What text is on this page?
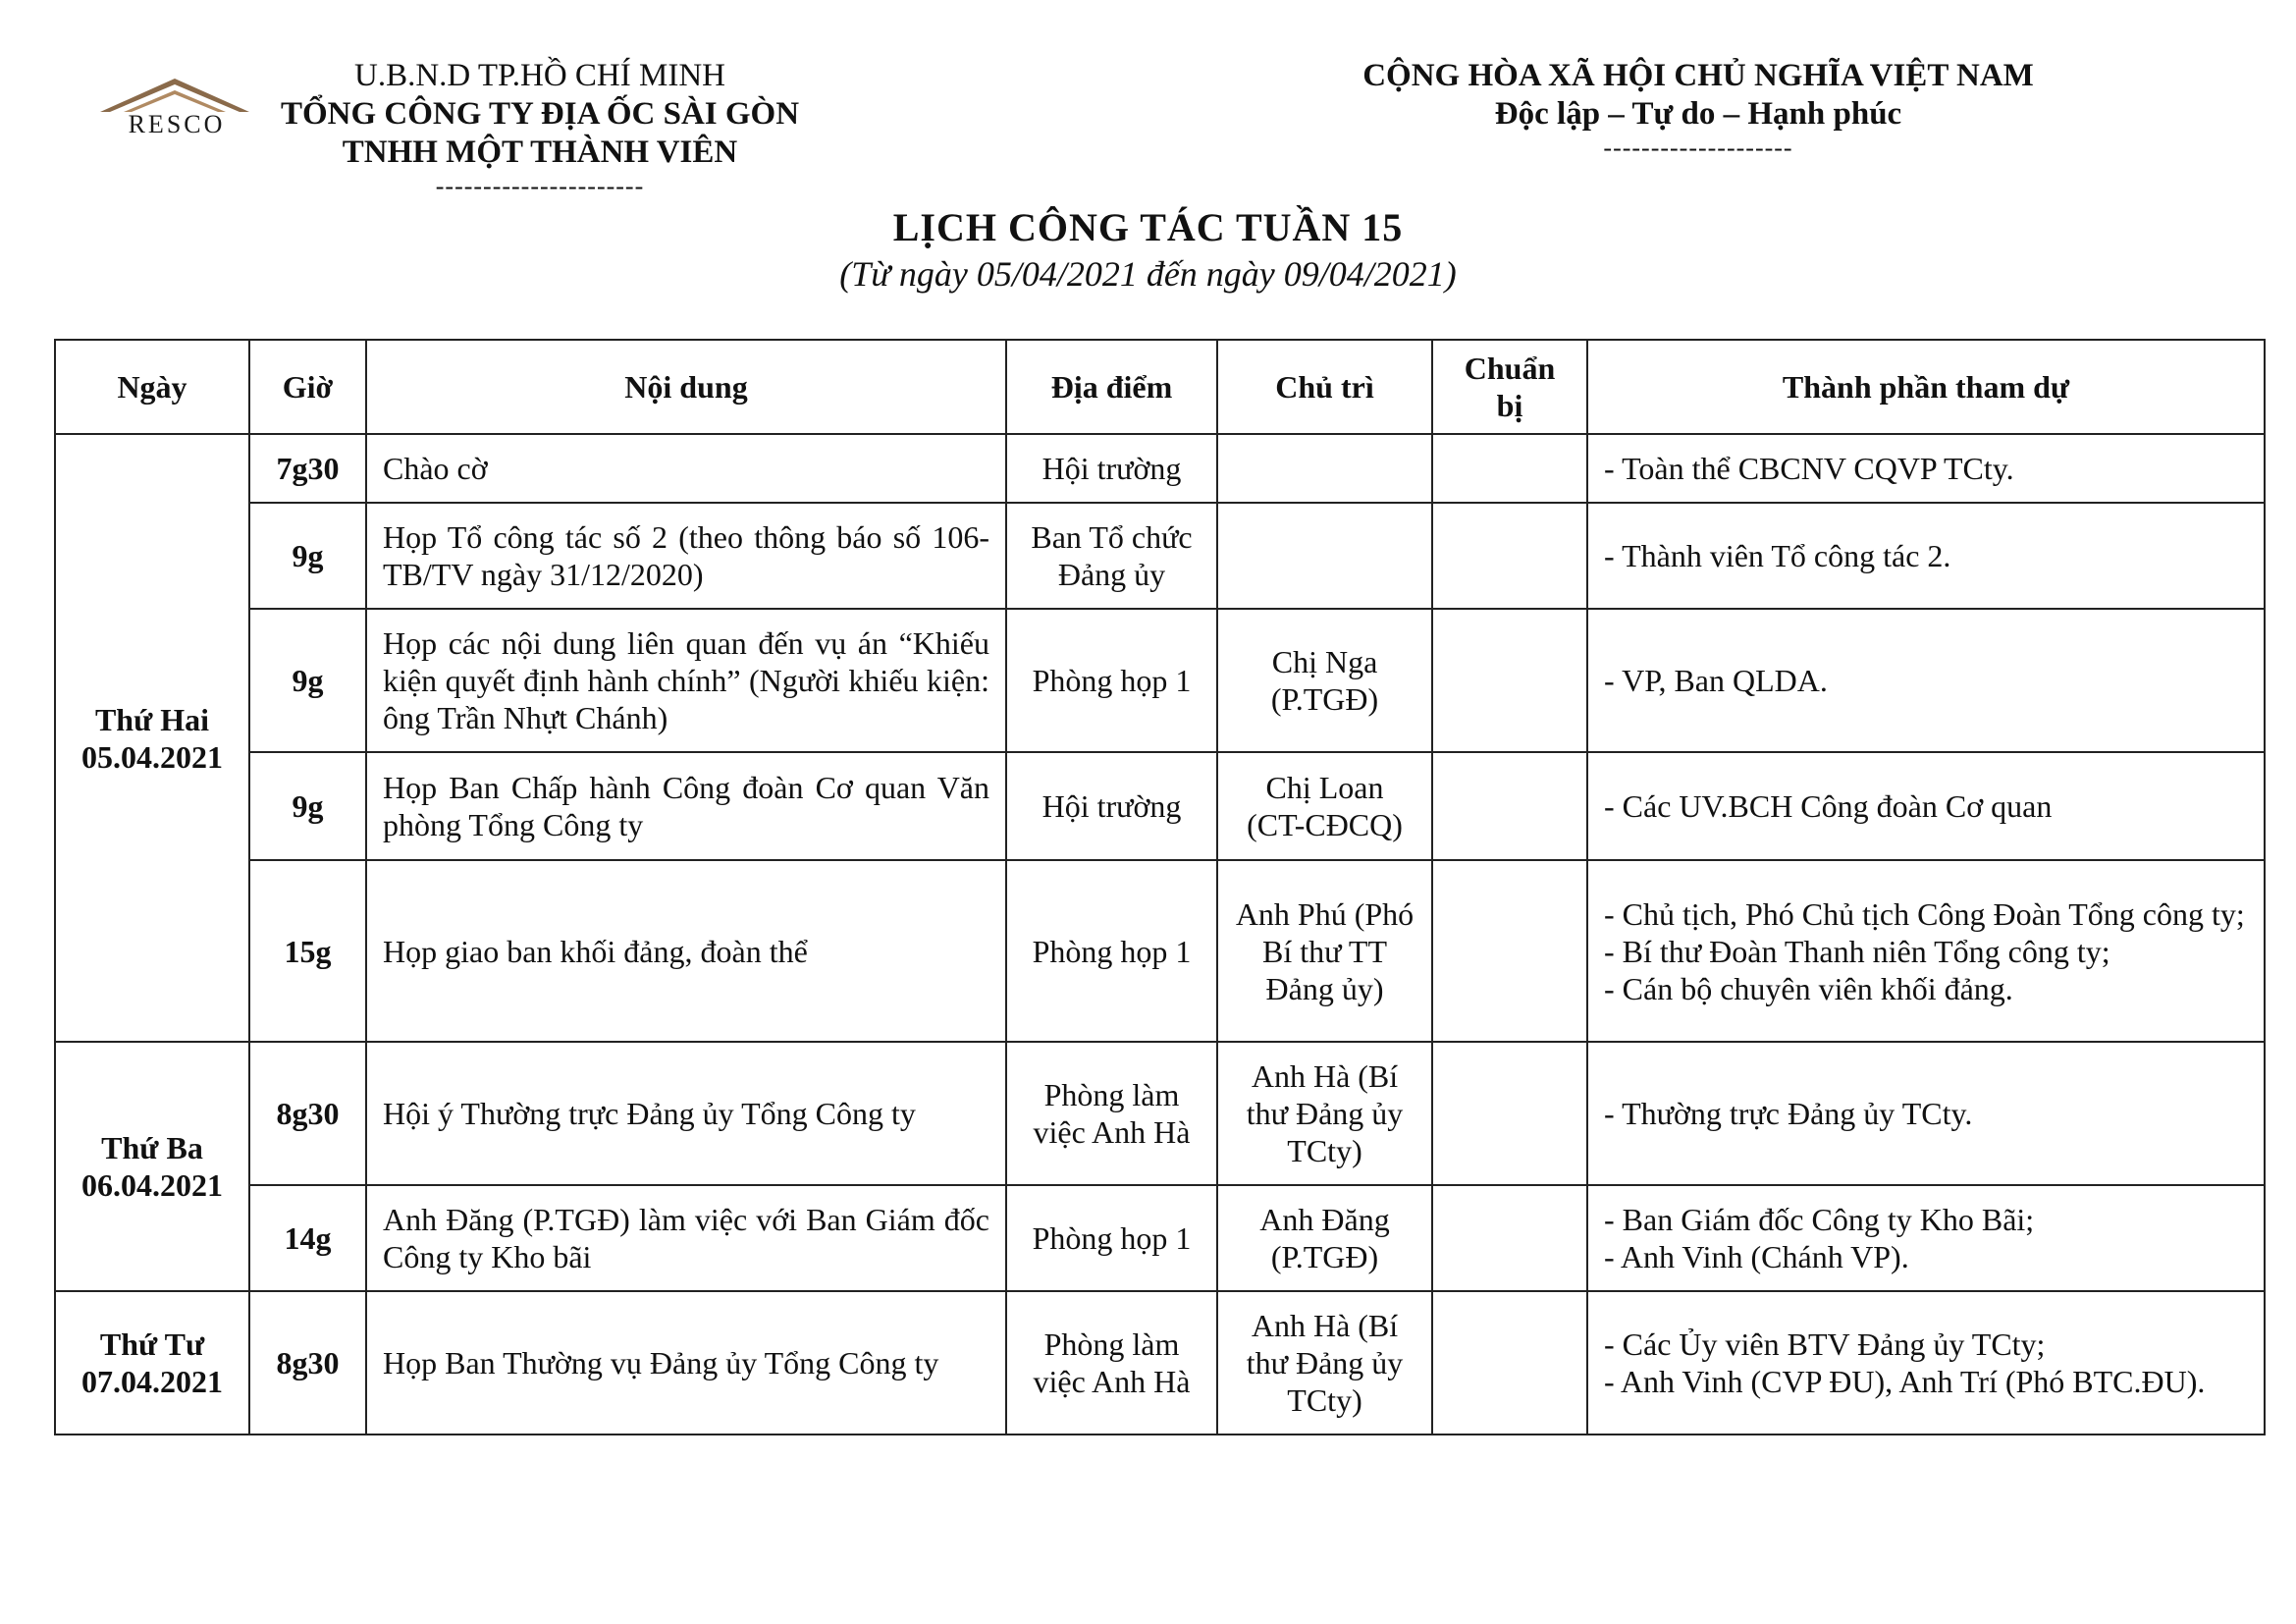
RESCO
U.B.N.D TP.HỒ CHÍ MINH
TỔNG CÔNG TY ĐỊA ỐC SÀI GÒN
TNHH MỘT THÀNH VIÊN
----------------------
CỘNG HÒA XÃ HỘI CHỦ NGHĨA VIỆT NAM
Độc lập – Tự do – Hạnh phúc
--------------------
LỊCH CÔNG TÁC TUẦN 15
(Từ ngày 05/04/2021 đến ngày 09/04/2021)
Ngày	Giờ	Nội dung	Địa điểm	Chủ trì	Chuẩn bị	Thành phần tham dự

Thứ Hai
05.04.2021	7g30	Chào cờ	Hội trường			- Toàn thể CBCNV CQVP TCty.

	9g	Họp Tổ công tác số 2 (theo thông báo số 106-TB/TV ngày 31/12/2020)	Ban Tổ chức Đảng ủy			- Thành viên Tổ công tác 2.

	9g	Họp các nội dung liên quan đến vụ án “Khiếu kiện quyết định hành chính” (Người khiếu kiện: ông Trần Nhựt Chánh)	Phòng họp 1	Chị Nga (P.TGĐ)		- VP, Ban QLDA.

	9g	Họp Ban Chấp hành Công đoàn Cơ quan Văn phòng Tổng Công ty	Hội trường	Chị Loan (CT-CĐCQ)		- Các UV.BCH Công đoàn Cơ quan

	15g	Họp giao ban khối đảng, đoàn thể	Phòng họp 1	Anh Phú (Phó Bí thư TT Đảng ủy)		- Chủ tịch, Phó Chủ tịch Công Đoàn Tổng công ty;
- Bí thư Đoàn Thanh niên Tổng công ty;
- Cán bộ chuyên viên khối đảng.

Thứ Ba
06.04.2021	8g30	Hội ý Thường trực Đảng ủy Tổng Công ty	Phòng làm việc Anh Hà	Anh Hà (Bí thư Đảng ủy TCty)		- Thường trực Đảng ủy TCty.

	14g	Anh Đăng (P.TGĐ) làm việc với Ban Giám đốc Công ty Kho bãi	Phòng họp 1	Anh Đăng (P.TGĐ)		- Ban Giám đốc Công ty Kho Bãi;
- Anh Vinh (Chánh VP).

Thứ Tư
07.04.2021	8g30	Họp Ban Thường vụ Đảng ủy Tổng Công ty	Phòng làm việc Anh Hà	Anh Hà (Bí thư Đảng ủy TCty)		- Các Ủy viên BTV Đảng ủy TCty;
- Anh Vinh (CVP ĐU), Anh Trí (Phó BTC.ĐU).
